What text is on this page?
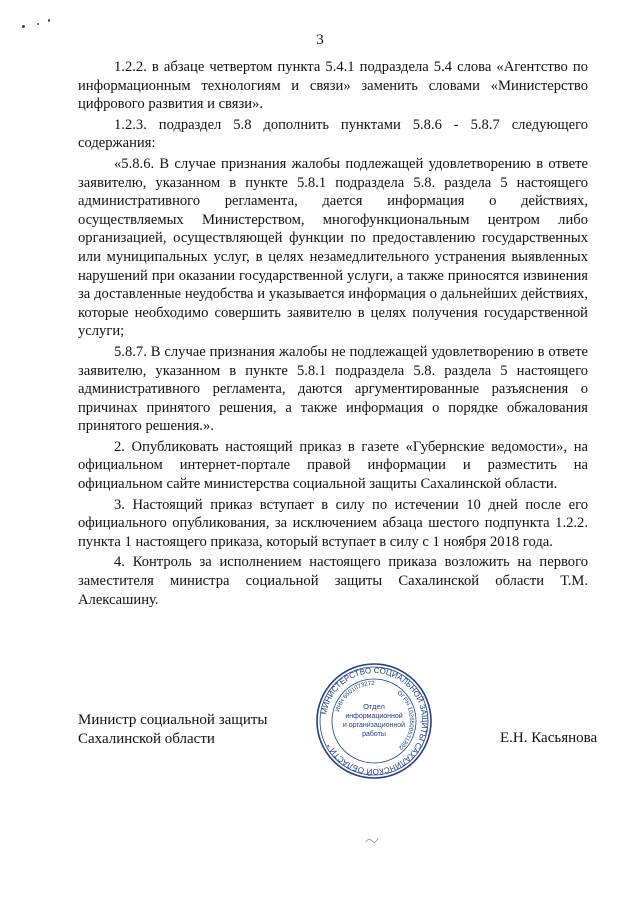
3

1.2.2. в абзаце четвертом пункта 5.4.1 подраздела 5.4 слова «Агентство по информационным технологиям и связи» заменить словами «Министерство цифрового развития и связи».

1.2.3. подраздел 5.8 дополнить пунктами 5.8.6 - 5.8.7 следующего содержания:

«5.8.6. В случае признания жалобы подлежащей удовлетворению в ответе заявителю, указанном в пункте 5.8.1 подраздела 5.8. раздела 5 настоящего административного регламента, дается информация о действиях, осуществляемых Министерством, многофункциональным центром либо организацией, осуществляющей функции по предоставлению государственных или муниципальных услуг, в целях незамедлительного устранения выявленных нарушений при оказании государственной услуги, а также приносятся извинения за доставленные неудобства и указывается информация о дальнейших действиях, которые необходимо совершить заявителю в целях получения государственной услуги;

5.8.7. В случае признания жалобы не подлежащей удовлетворению в ответе заявителю, указанном в пункте 5.8.1 подраздела 5.8. раздела 5 настоящего административного регламента, даются аргументированные разъяснения о причинах принятого решения, а также информация о порядке обжалования принятого решения.».

2. Опубликовать настоящий приказ в газете «Губернские ведомости», на официальном интернет-портале правой информации и разместить на официальном сайте министерства социальной защиты Сахалинской области.

3. Настоящий приказ вступает в силу по истечении 10 дней после его официального опубликования, за исключением абзаца шестого подпункта 1.2.2. пункта 1 настоящего приказа, который вступает в силу с 1 ноября 2018 года.

4. Контроль за исполнением настоящего приказа возложить на первого заместителя министра социальной защиты Сахалинской области Т.М. Алексашину.

Министр социальной защиты
Сахалинской области	Е.Н. Касьянова
МИНИСТЕРСТВО СОЦИАЛЬНОЙ ЗАЩИТЫ САХАЛИНСКОЙ ОБЛАСТИ *
ОГРН 1026500531892
ИНН 6501073272
Отдел
информационной
и организационной
работы
